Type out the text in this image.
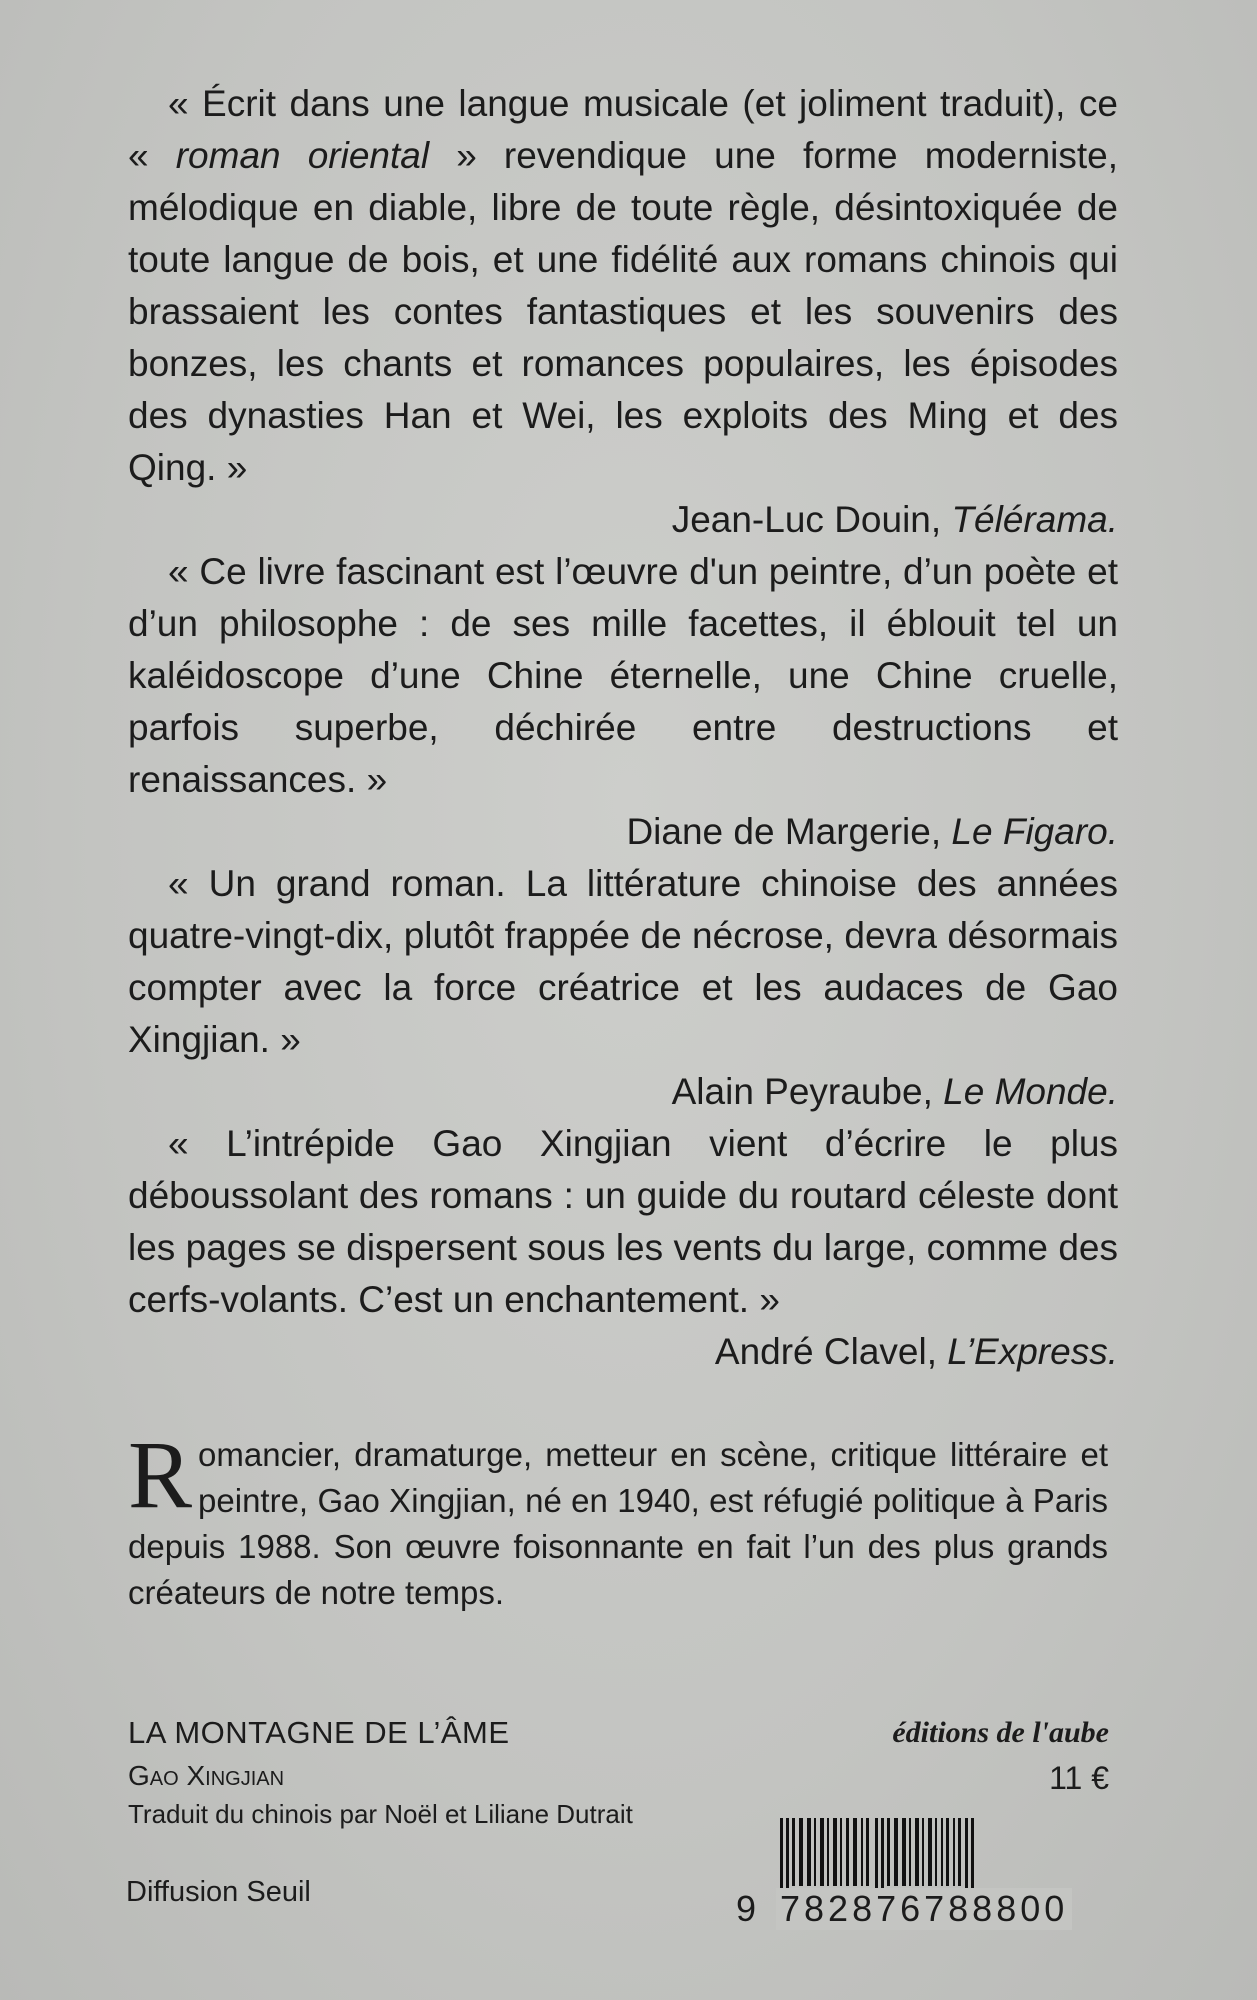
« Écrit dans une langue musicale (et joliment traduit), ce « roman oriental » revendique une forme moderniste, mélodique en diable, libre de toute règle, désintoxiquée de toute langue de bois, et une fidélité aux romans chinois qui brassaient les contes fantastiques et les souvenirs des bonzes, les chants et romances populaires, les épisodes des dynasties Han et Wei, les exploits des Ming et des Qing. »

Jean-Luc Douin, Télérama.

« Ce livre fascinant est l’œuvre d'un peintre, d’un poète et d’un philosophe : de ses mille facettes, il éblouit tel un kaléidoscope d’une Chine éternelle, une Chine cruelle, parfois superbe, déchirée entre destructions et renaissances. »

Diane de Margerie, Le Figaro.

« Un grand roman. La littérature chinoise des années quatre-vingt-dix, plutôt frappée de nécrose, devra désormais compter avec la force créatrice et les audaces de Gao Xingjian. »

Alain Peyraube, Le Monde.

« L’intrépide Gao Xingjian vient d’écrire le plus déboussolant des romans : un guide du routard céleste dont les pages se dispersent sous les vents du large, comme des cerfs-volants. C’est un enchantement. »

André Clavel, L’Express.

Romancier, dramaturge, metteur en scène, critique littéraire et peintre, Gao Xingjian, né en 1940, est réfugié politique à Paris depuis 1988. Son œuvre foisonnante en fait l’un des plus grands créateurs de notre temps.

LA MONTAGNE DE L’ÂME

Gao Xingjian

Traduit du chinois par Noël et Liliane Dutrait

Diffusion Seuil

éditions de l'aube

11 €

9 782876788800
